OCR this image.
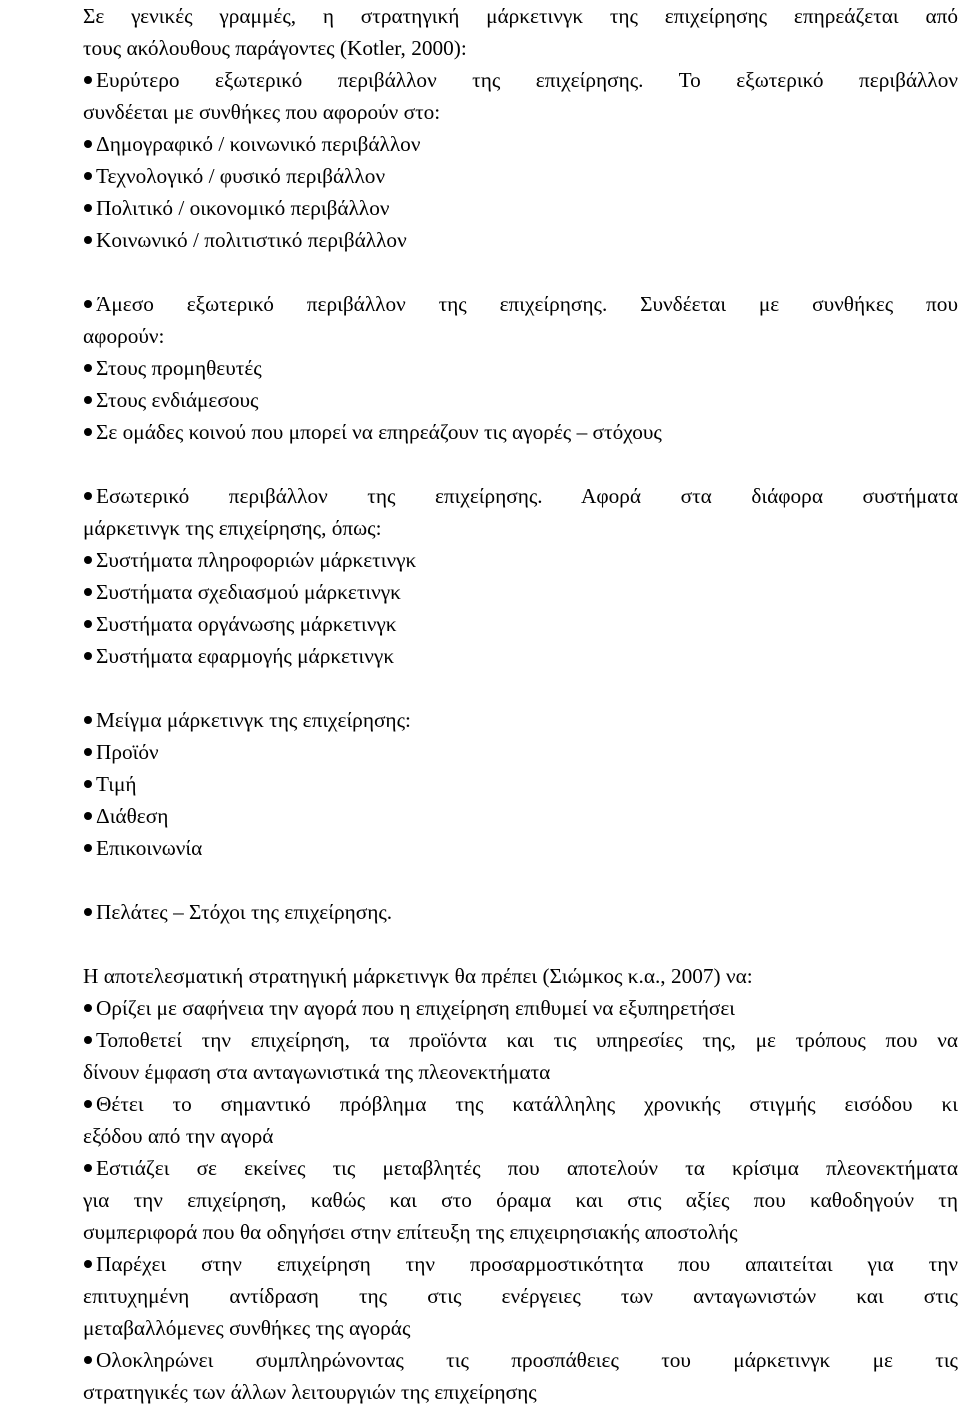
Σε γενικές γραμμές, η στρατηγική μάρκετινγκ της επιχείρησης επηρεάζεται από
τους ακόλουθους παράγοντες (Kotler, 2000):
Ευρύτερο εξωτερικό περιβάλλον της επιχείρησης. Το εξωτερικό περιβάλλον
συνδέεται με συνθήκες που αφορούν στο:
Δημογραφικό / κοινωνικό περιβάλλον
Τεχνολογικό / φυσικό περιβάλλον
Πολιτικό / οικονομικό περιβάλλον
Κοινωνικό / πολιτιστικό περιβάλλον
Άμεσο εξωτερικό περιβάλλον της επιχείρησης. Συνδέεται με συνθήκες που
αφορούν:
Στους προμηθευτές
Στους ενδιάμεσους
Σε ομάδες κοινού που μπορεί να επηρεάζουν τις αγορές – στόχους
Εσωτερικό περιβάλλον της επιχείρησης. Αφορά στα διάφορα συστήματα
μάρκετινγκ της επιχείρησης, όπως:
Συστήματα πληροφοριών μάρκετινγκ
Συστήματα σχεδιασμού μάρκετινγκ
Συστήματα οργάνωσης μάρκετινγκ
Συστήματα εφαρμογής μάρκετινγκ
Μείγμα μάρκετινγκ της επιχείρησης:
Προϊόν
Τιμή
Διάθεση
Επικοινωνία
Πελάτες – Στόχοι της επιχείρησης.
Η αποτελεσματική στρατηγική μάρκετινγκ θα πρέπει (Σιώμκος κ.α., 2007) να:
Ορίζει με σαφήνεια την αγορά που η επιχείρηση επιθυμεί να εξυπηρετήσει
Τοποθετεί την επιχείρηση, τα προϊόντα και τις υπηρεσίες της, με τρόπους που να
δίνουν έμφαση στα ανταγωνιστικά της πλεονεκτήματα
Θέτει το σημαντικό πρόβλημα της κατάλληλης χρονικής στιγμής εισόδου κι
εξόδου από την αγορά
Εστιάζει σε εκείνες τις μεταβλητές που αποτελούν τα κρίσιμα πλεονεκτήματα
για την επιχείρηση, καθώς και στο όραμα και στις αξίες που καθοδηγούν τη
συμπεριφορά που θα οδηγήσει στην επίτευξη της επιχειρησιακής αποστολής
Παρέχει στην επιχείρηση την προσαρμοστικότητα που απαιτείται για την
επιτυχημένη αντίδραση της στις ενέργειες των ανταγωνιστών και στις
μεταβαλλόμενες συνθήκες της αγοράς
Ολοκληρώνει συμπληρώνοντας τις προσπάθειες του μάρκετινγκ με τις
στρατηγικές των άλλων λειτουργιών της επιχείρησης
